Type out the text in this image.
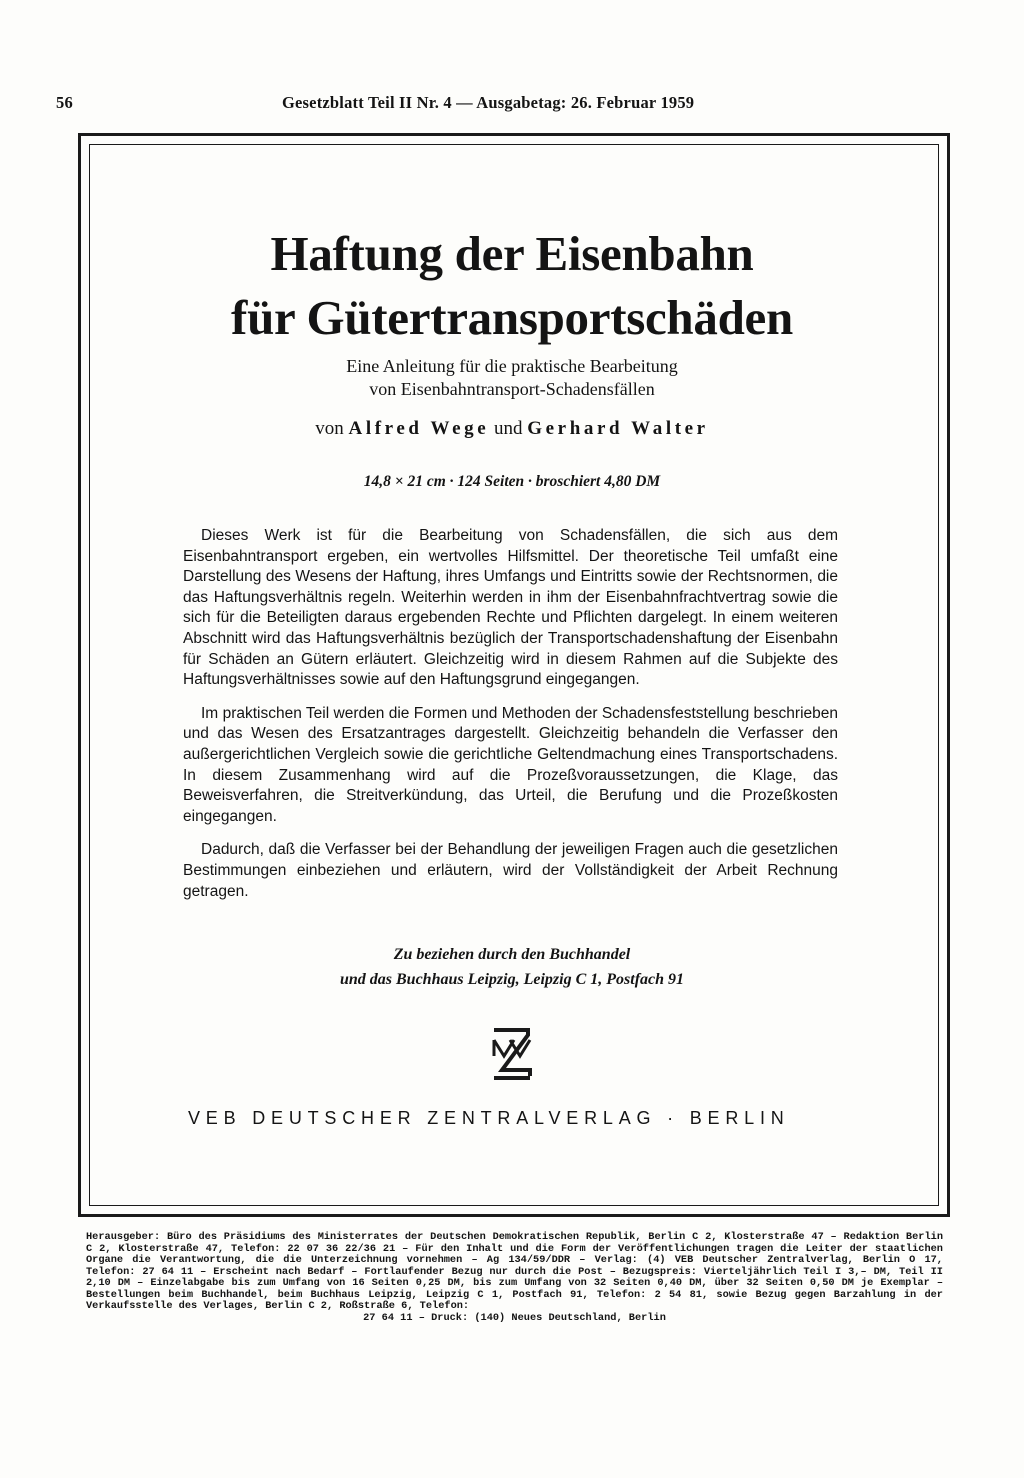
56	Gesetzblatt Teil II Nr. 4 — Ausgabetag: 26. Februar 1959
Haftung der Eisenbahn
für Gütertransportschäden
Eine Anleitung für die praktische Bearbeitung
von Eisenbahntransport-Schadensfällen
von Alfred Wege und Gerhard Walter
14,8 × 21 cm · 124 Seiten · broschiert 4,80 DM

Dieses Werk ist für die Bearbeitung von Schadensfällen, die sich aus dem Eisenbahntransport ergeben, ein wertvolles Hilfsmittel. Der theoretische Teil umfaßt eine Darstellung des Wesens der Haftung, ihres Umfangs und Eintritts sowie der Rechtsnormen, die das Haftungsverhältnis regeln. Weiterhin werden in ihm der Eisenbahnfrachtvertrag sowie die sich für die Beteiligten daraus ergebenden Rechte und Pflichten dargelegt. In einem weiteren Abschnitt wird das Haftungsverhältnis bezüglich der Transportschadenshaftung der Eisenbahn für Schäden an Gütern erläutert. Gleichzeitig wird in diesem Rahmen auf die Subjekte des Haftungsverhältnisses sowie auf den Haftungsgrund eingegangen.

Im praktischen Teil werden die Formen und Methoden der Schadensfeststellung beschrieben und das Wesen des Ersatzantrages dargestellt. Gleichzeitig behandeln die Verfasser den außergerichtlichen Vergleich sowie die gerichtliche Geltendmachung eines Transportschadens. In diesem Zusammenhang wird auf die Prozeßvoraussetzungen, die Klage, das Beweisverfahren, die Streitverkündung, das Urteil, die Berufung und die Prozeßkosten eingegangen.

Dadurch, daß die Verfasser bei der Behandlung der jeweiligen Fragen auch die gesetzlichen Bestimmungen einbeziehen und erläutern, wird der Vollständigkeit der Arbeit Rechnung getragen.

Zu beziehen durch den Buchhandel
und das Buchhaus Leipzig, Leipzig C 1, Postfach 91
VEB DEUTSCHER ZENTRALVERLAG · BERLIN
Herausgeber: Büro des Präsidiums des Ministerrates der Deutschen Demokratischen Republik, Berlin C 2, Klosterstraße 47 – Redaktion Berlin C 2, Klosterstraße 47, Telefon: 22 07 36 22/36 21 – Für den Inhalt und die Form der Veröffentlichungen tragen die Leiter der staatlichen Organe die Verantwortung, die die Unterzeichnung vornehmen – Ag 134/59/DDR – Verlag: (4) VEB Deutscher Zentralverlag, Berlin O 17, Telefon: 27 64 11 – Erscheint nach Bedarf – Fortlaufender Bezug nur durch die Post – Bezugspreis: Vierteljährlich Teil I 3,– DM, Teil II 2,10 DM – Einzelabgabe bis zum Umfang von 16 Seiten 0,25 DM, bis zum Umfang von 32 Seiten 0,40 DM, über 32 Seiten 0,50 DM je Exemplar – Bestellungen beim Buchhandel, beim Buchhaus Leipzig, Leipzig C 1, Postfach 91, Telefon: 2 54 81, sowie Bezug gegen Barzahlung in der Verkaufsstelle des Verlages, Berlin C 2, Roßstraße 6, Telefon:
27 64 11 – Druck: (140) Neues Deutschland, Berlin
